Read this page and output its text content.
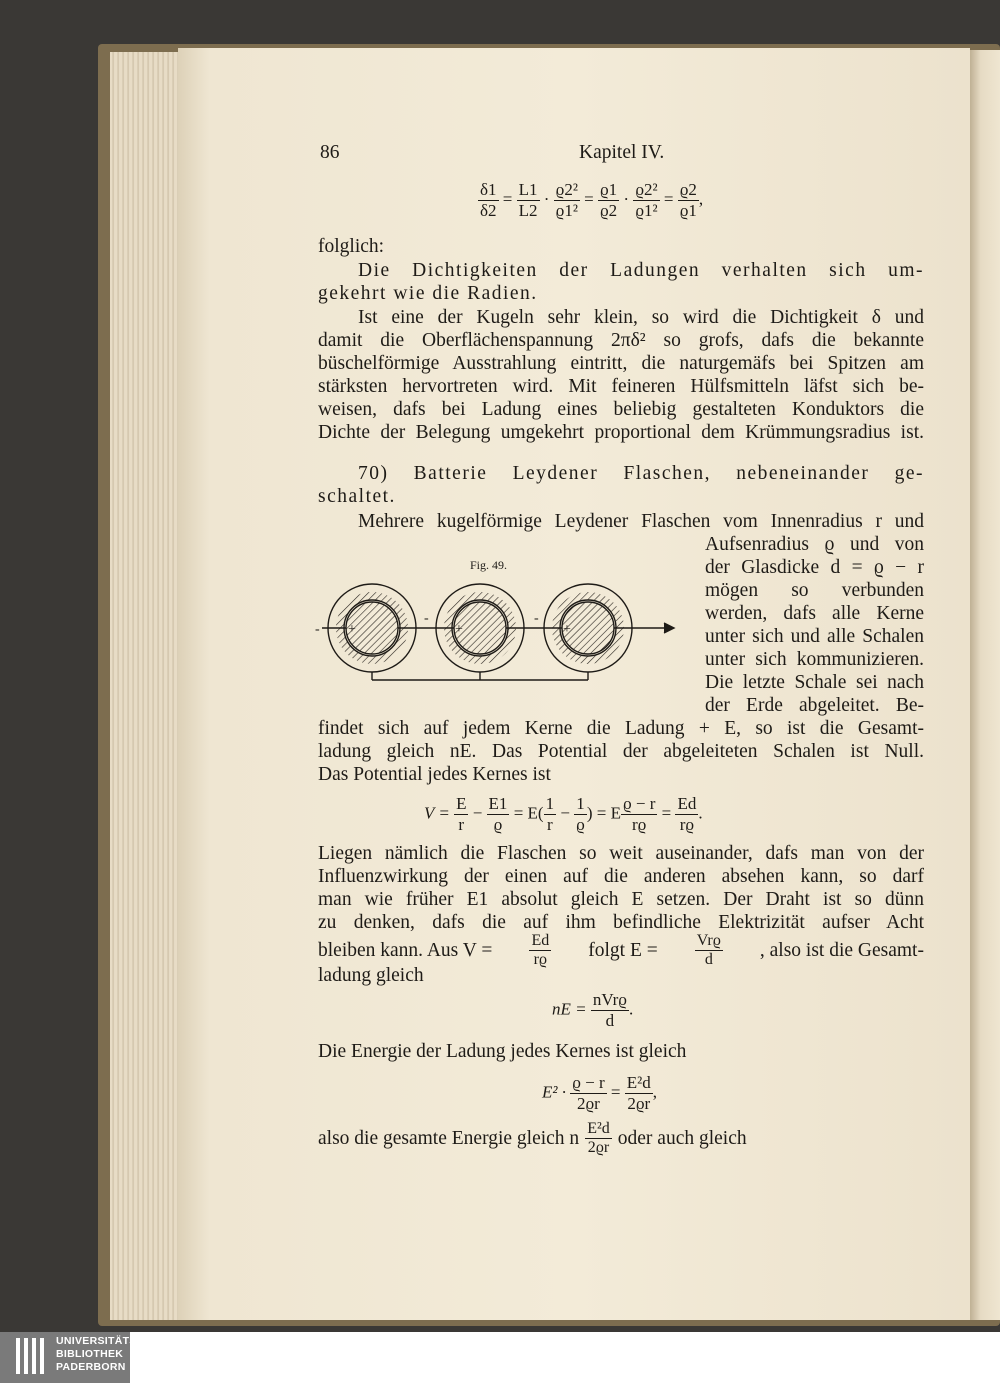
86	Kapitel IV.
$\frac{\delta 1}{\delta 2} = \frac{L1}{L2} \cdot \frac{\text{ϱ2²}}{\text{ϱ1²}} = \frac{ϱ1}{ϱ2} \cdot \frac{\text{ϱ2²}}{\text{ϱ1²}} = \frac{ϱ2}{ϱ1}$ ,
folglich:
Die Dichtigkeiten der Ladungen verhalten sich um-
gekehrt wie die Radien.
Ist eine der Kugeln sehr klein, so wird die Dichtigkeit δ und
damit die Oberflächenspannung 2πδ² so grofs, dafs die bekannte
büschelförmige Ausstrahlung eintritt, die naturgemäfs bei Spitzen am
stärksten hervortreten wird. Mit feineren Hülfsmitteln läfst sich be-
weisen, dafs bei Ladung eines beliebig gestalteten Konduktors die
Dichte der Belegung umgekehrt proportional dem Krümmungsradius ist.
70) Batterie Leydener Flaschen, nebeneinander ge-
schaltet.
Mehrere kugelförmige Leydener Flaschen vom Innenradius r und
Aufsenradius ϱ und von
der Glasdicke d = ϱ − r
mögen so verbunden
werden, dafs alle Kerne
unter sich und alle Schalen
unter sich kommunizieren.
Die letzte Schale sei nach
der Erde abgeleitet. Be-
Fig. 49.
- +
-
+
-
+
findet sich auf jedem Kerne die Ladung + E, so ist die Gesamt-
ladung gleich nE. Das Potential der abgeleiteten Schalen ist Null.
Das Potential jedes Kernes ist
$V = \frac{E}{r} - \frac{E1}{ϱ} = E( \frac{1}{r} - \frac{1}{ϱ}$ ) = E $\frac{ϱ - r}{rϱ} = \frac{Ed}{rϱ}$ .
Liegen nämlich die Flaschen so weit auseinander, dafs man von der
Influenzwirkung der einen auf die anderen absehen kann, so darf
man wie früher E1 absolut gleich E setzen. Der Draht ist so dünn
zu denken, dafs die auf ihm befindliche Elektrizität aufser Acht
bleiben kann. Aus $V = \frac{Ed}{rϱ}$ folgt $E = \frac{\text{Vrϱ}}{d}$ , also ist die Gesamt-
ladung gleich
nE = $\frac{\text{nVrϱ}}{d}$ .
Die Energie der Ladung jedes Kernes ist gleich
$E^2 \cdot \frac{ϱ - r}{2ϱr} = \frac{\text{E²d}}{2ϱr}$ ,
also die gesamte Energie gleich n $\frac{\text{E²d}}{2ϱr}$ oder auch gleich
UNIVERSITÄTS-
BIBLIOTHEK
PADERBORN
